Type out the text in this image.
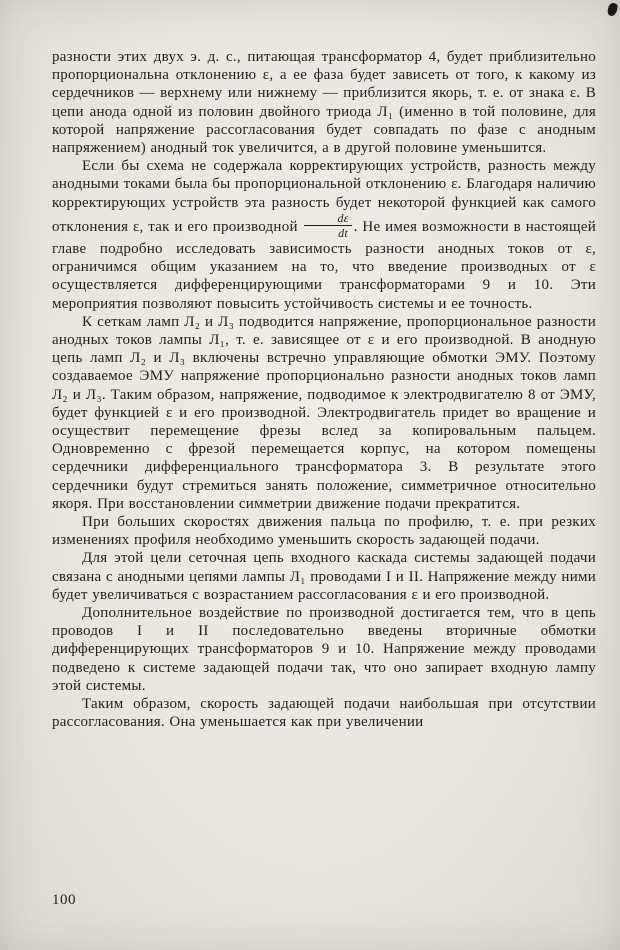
разности этих двух э. д. с., питающая трансформатор 4, будет приблизительно пропорциональна отклонению ε, а ее фаза будет зависеть от того, к какому из сердечников — верхнему или нижнему — приблизится якорь, т. е. от знака ε. В цепи анода одной из половин двойного триода Л₁ (именно в той половине, для которой напряжение рассогласования будет совпадать по фазе с анодным напряжением) анодный ток увеличится, а в другой половине уменьшится.

Если бы схема не содержала корректирующих устройств, разность между анодными токами была бы пропорциональной отклонению ε. Благодаря наличию корректирующих устройств эта разность будет некоторой функцией как самого отклонения ε, так и его производной $\frac{d\varepsilon}{dt}$ . Не имея возможности в настоящей главе подробно исследовать зависимость разности анодных токов от ε, ограничимся общим указанием на то, что введение производных от ε осуществляется дифференцирующими трансформаторами 9 и 10. Эти мероприятия позволяют повысить устойчивость системы и ее точность.

К сеткам ламп Л₂ и Л₃ подводится напряжение, пропорциональное разности анодных токов лампы Л₁, т. е. зависящее от ε и его производной. В анодную цепь ламп Л₂ и Л₃ включены встречно управляющие обмотки ЭМУ. Поэтому создаваемое ЭМУ напряжение пропорционально разности анодных токов ламп Л₂ и Л₃. Таким образом, напряжение, подводимое к электродвигателю 8 от ЭМУ, будет функцией ε и его производной. Электродвигатель придет во вращение и осуществит перемещение фрезы вслед за копировальным пальцем. Одновременно с фрезой перемещается корпус, на котором помещены сердечники дифференциального трансформатора 3. В результате этого сердечники будут стремиться занять положение, симметричное относительно якоря. При восстановлении симметрии движение подачи прекратится.

При больших скоростях движения пальца по профилю, т. е. при резких изменениях профиля необходимо уменьшить скорость задающей подачи.

Для этой цели сеточная цепь входного каскада системы задающей подачи связана с анодными цепями лампы Л₁ проводами I и II. Напряжение между ними будет увеличиваться с возрастанием рассогласования ε и его производной.

Дополнительное воздействие по производной достигается тем, что в цепь проводов I и II последовательно введены вторичные обмотки дифференцирующих трансформаторов 9 и 10. Напряжение между проводами подведено к системе задающей подачи так, что оно запирает входную лампу этой системы.

Таким образом, скорость задающей подачи наибольшая при отсутствии рассогласования. Она уменьшается как при увеличении

100
